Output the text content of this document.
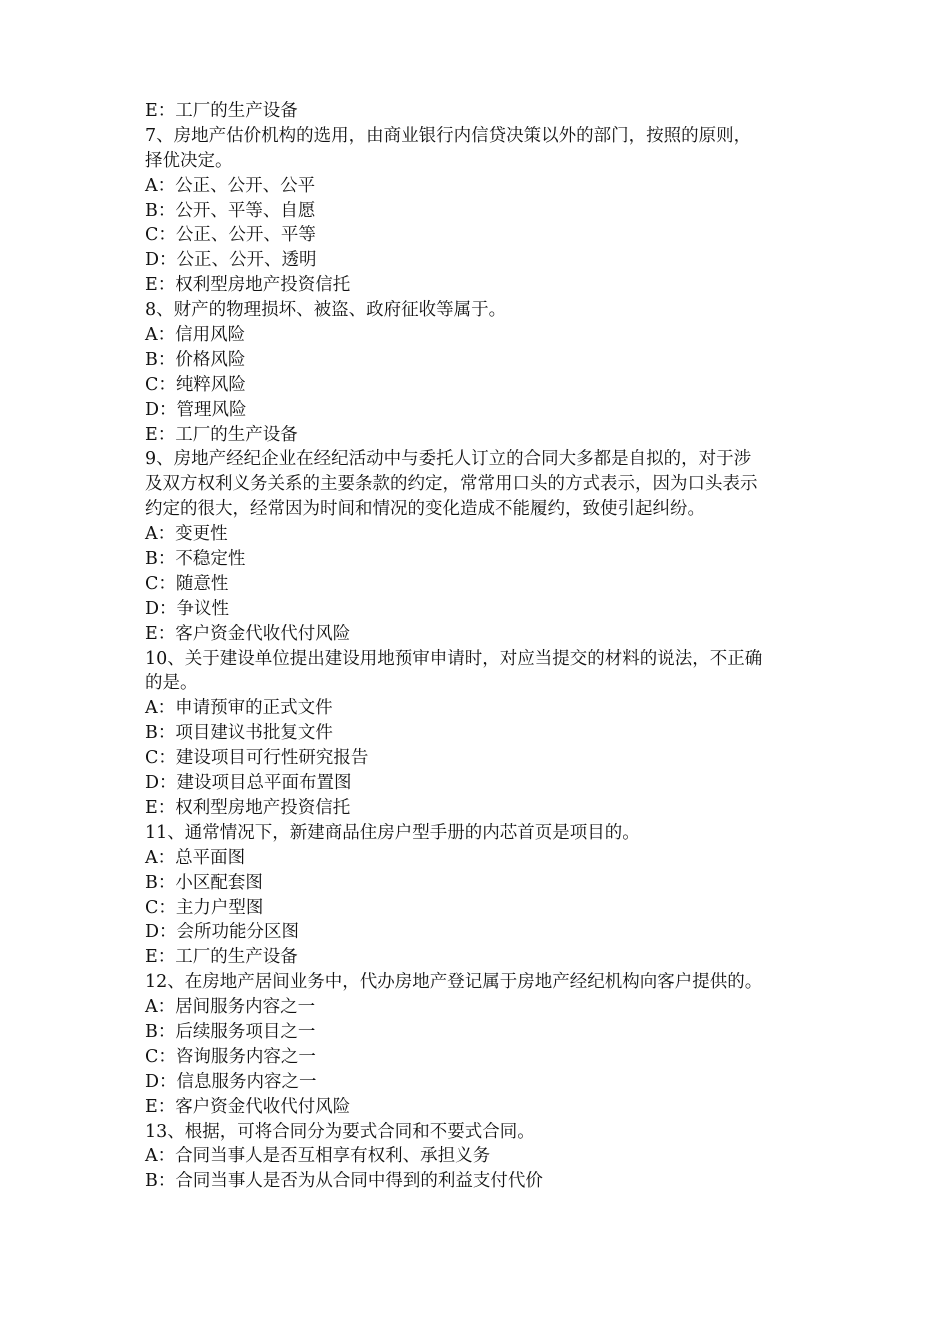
E：工厂的生产设备
7、房地产估价机构的选用，由商业银行内信贷决策以外的部门，按照的原则，
择优决定。
A：公正、公开、公平
B：公开、平等、自愿
C：公正、公开、平等
D：公正、公开、透明
E：权利型房地产投资信托
8、财产的物理损坏、被盗、政府征收等属于。
A：信用风险
B：价格风险
C：纯粹风险
D：管理风险
E：工厂的生产设备
9、房地产经纪企业在经纪活动中与委托人订立的合同大多都是自拟的，对于涉
及双方权利义务关系的主要条款的约定，常常用口头的方式表示，因为口头表示
约定的很大，经常因为时间和情况的变化造成不能履约，致使引起纠纷。
A：变更性
B：不稳定性
C：随意性
D：争议性
E：客户资金代收代付风险
10、关于建设单位提出建设用地预审申请时，对应当提交的材料的说法，不正确
的是。
A：申请预审的正式文件
B：项目建议书批复文件
C：建设项目可行性研究报告
D：建设项目总平面布置图
E：权利型房地产投资信托
11、通常情况下，新建商品住房户型手册的内芯首页是项目的。
A：总平面图
B：小区配套图
C：主力户型图
D：会所功能分区图
E：工厂的生产设备
12、在房地产居间业务中，代办房地产登记属于房地产经纪机构向客户提供的。
A：居间服务内容之一
B：后续服务项目之一
C：咨询服务内容之一
D：信息服务内容之一
E：客户资金代收代付风险
13、根据，可将合同分为要式合同和不要式合同。
A：合同当事人是否互相享有权利、承担义务
B：合同当事人是否为从合同中得到的利益支付代价
